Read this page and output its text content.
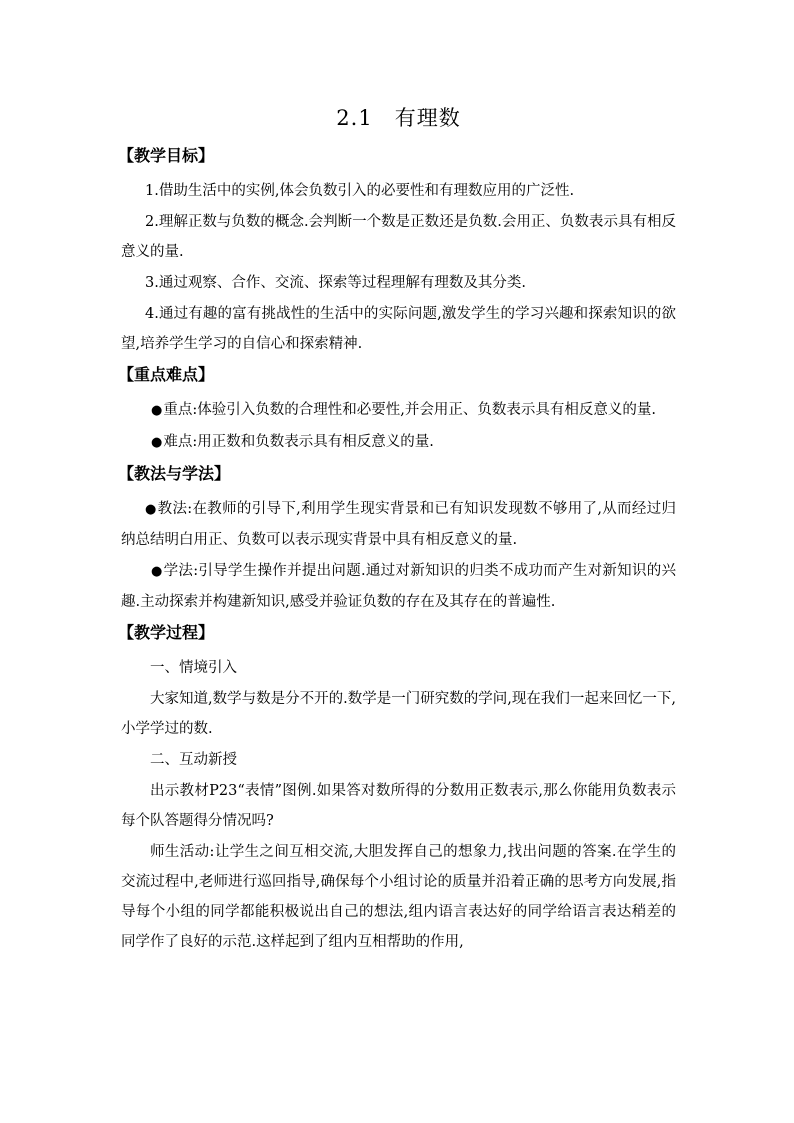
2.1　有理数
【教学目标】

1.借助生活中的实例,体会负数引入的必要性和有理数应用的广泛性.

2.理解正数与负数的概念.会判断一个数是正数还是负数.会用正、负数表示具有相反意义的量.

3.通过观察、合作、交流、探索等过程理解有理数及其分类.

4.通过有趣的富有挑战性的生活中的实际问题,激发学生的学习兴趣和探索知识的欲望,培养学生学习的自信心和探索精神.

【重点难点】

●重点:体验引入负数的合理性和必要性,并会用正、负数表示具有相反意义的量.

●难点:用正数和负数表示具有相反意义的量.

【教法与学法】

●教法:在教师的引导下,利用学生现实背景和已有知识发现数不够用了,从而经过归纳总结明白用正、负数可以表示现实背景中具有相反意义的量.

●学法:引导学生操作并提出问题.通过对新知识的归类不成功而产生对新知识的兴趣.主动探索并构建新知识,感受并验证负数的存在及其存在的普遍性.

【教学过程】

一、情境引入

大家知道,数学与数是分不开的.数学是一门研究数的学问,现在我们一起来回忆一下,小学学过的数.

二、互动新授

出示教材P23“表情”图例.如果答对数所得的分数用正数表示,那么你能用负数表示每个队答题得分情况吗?

师生活动:让学生之间互相交流,大胆发挥自己的想象力,找出问题的答案.在学生的交流过程中,老师进行巡回指导,确保每个小组讨论的质量并沿着正确的思考方向发展,指导每个小组的同学都能积极说出自己的想法,组内语言表达好的同学给语言表达稍差的同学作了良好的示范.这样起到了组内互相帮助的作用,
